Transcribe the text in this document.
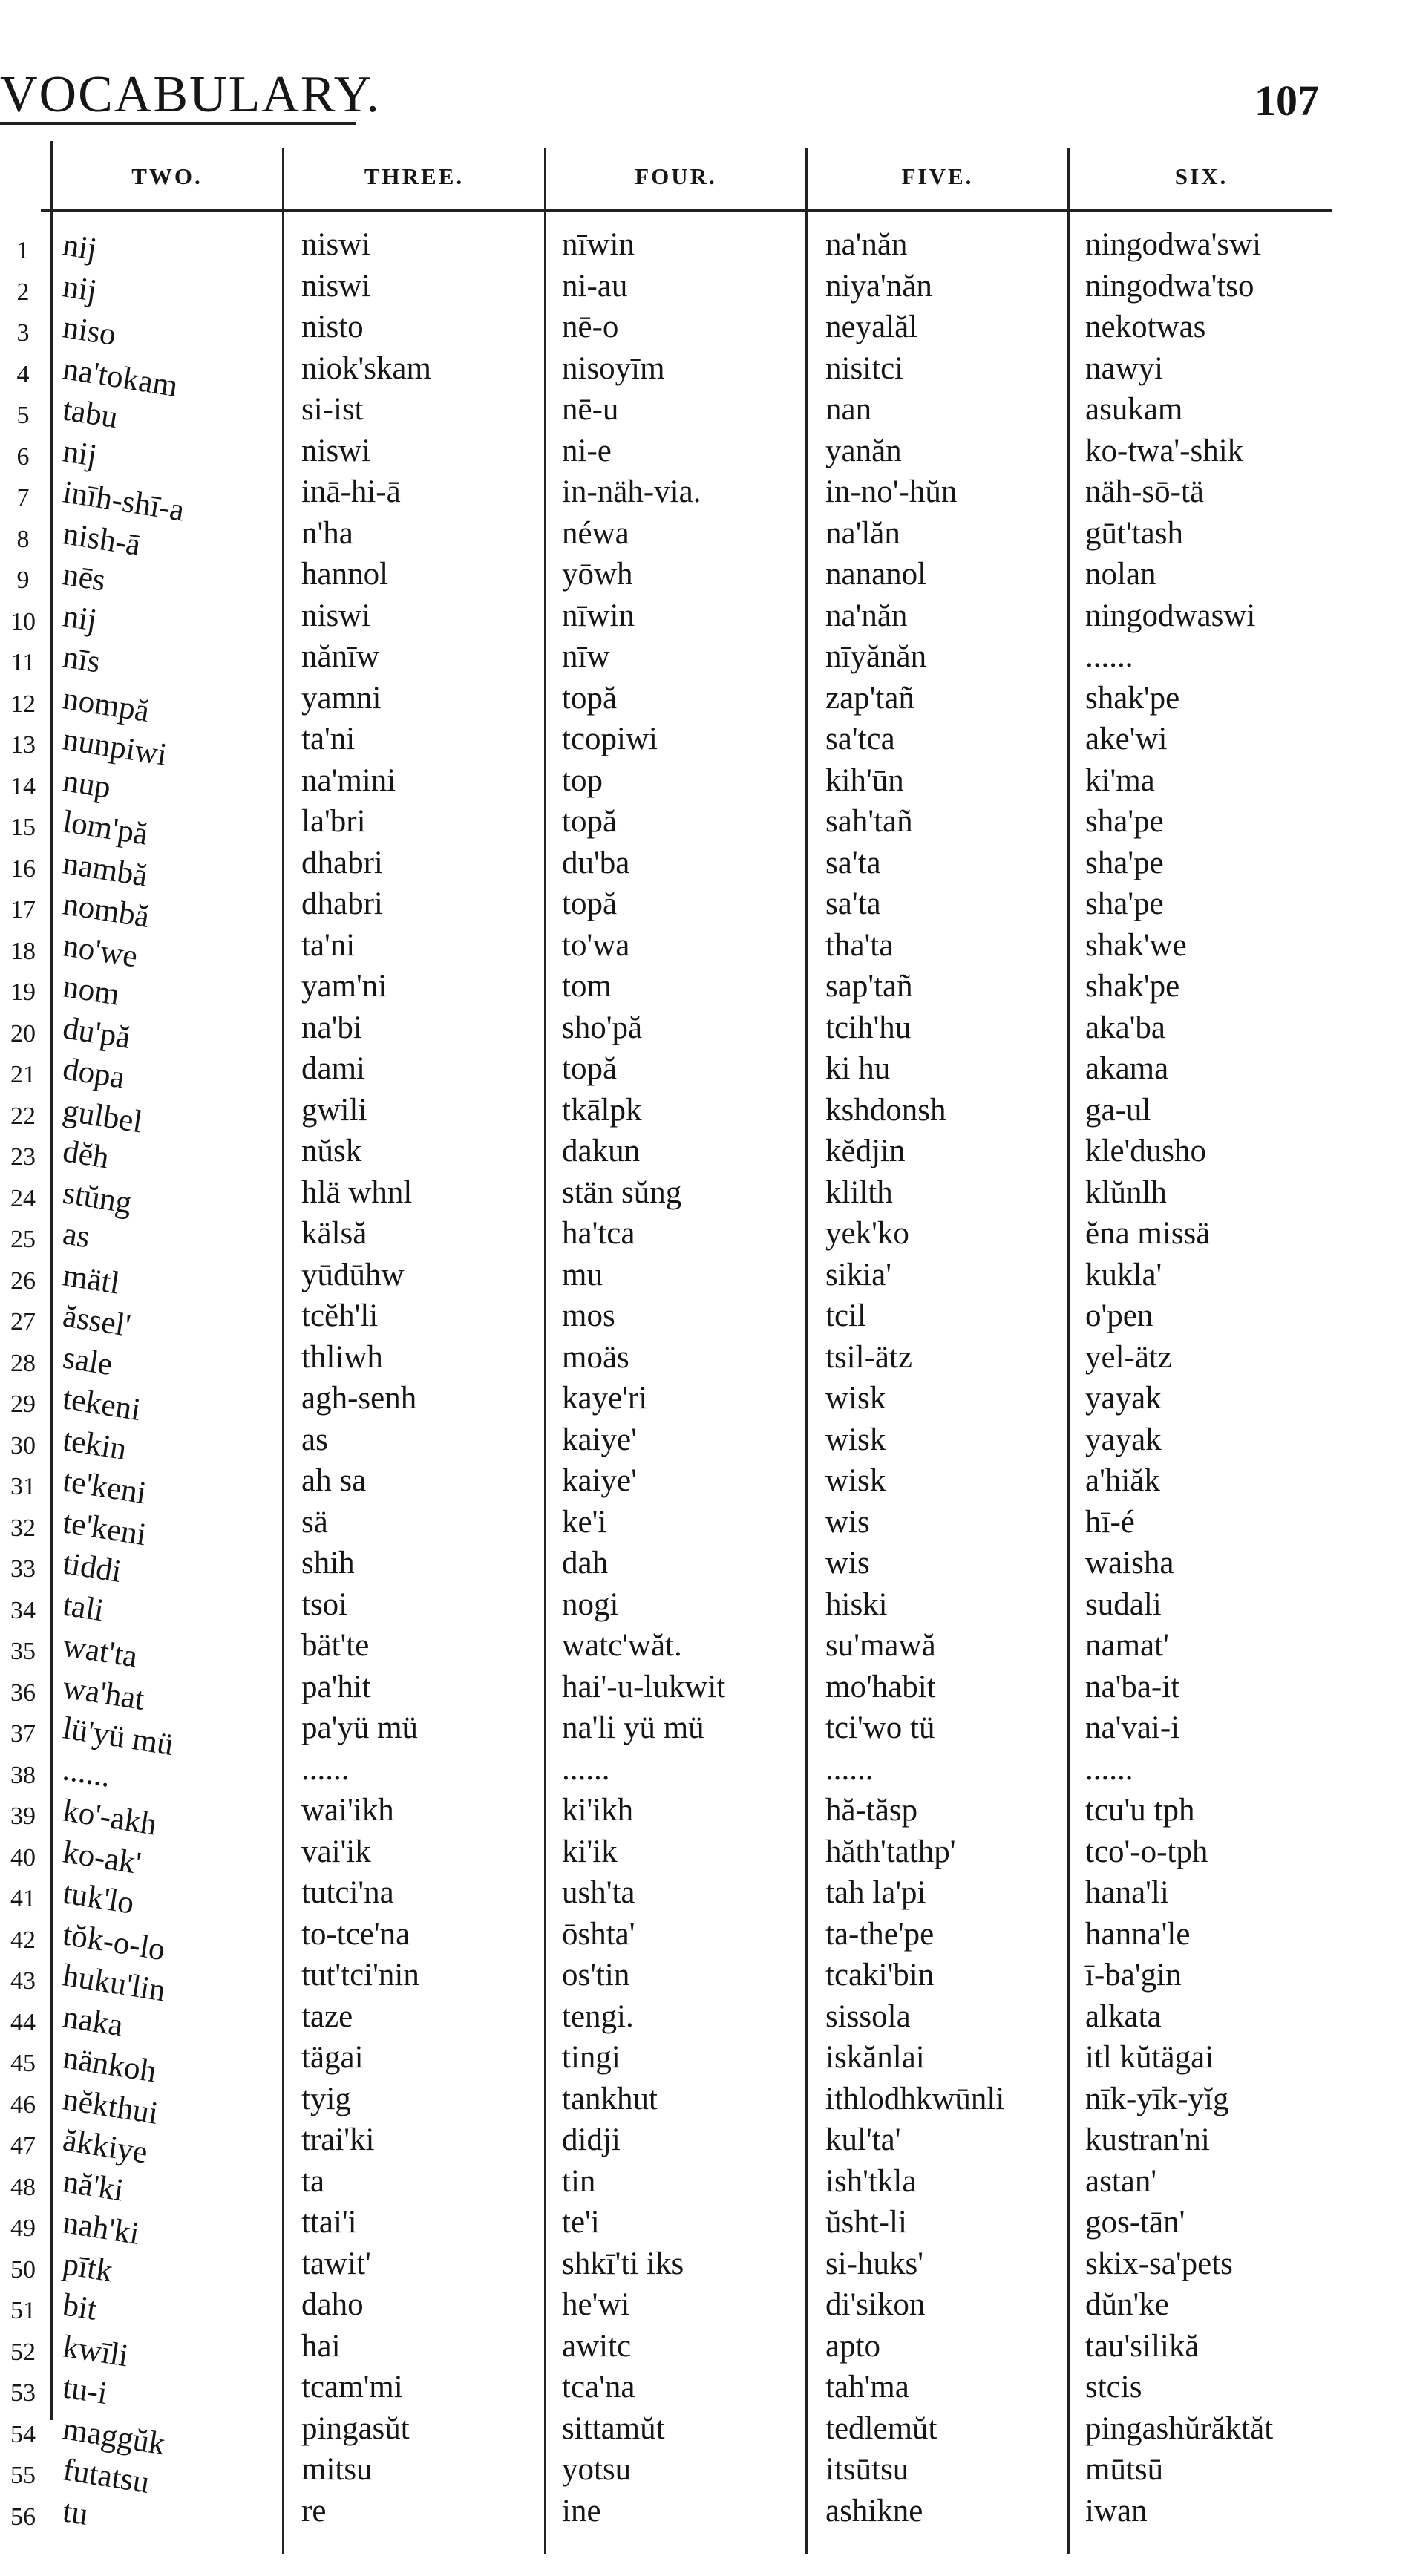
VOCABULARY.	107
TWO.	THREE.	FOUR.	FIVE.	SIX.
1 nij	niswi	nīwin	na'năn	ningodwa'swi
2 nij	niswi	ni-au	niya'năn	ningodwa'tso
3 niso	nisto	nē-o	neyalăl	nekotwas
4 na'tokam	niok'skam	nisoyīm	nisitci	nawyi
5 tabu	si-ist	nē-u	nan	asukam
6 nij	niswi	ni-e	yanăn	ko-twa'-shik
7 inīh-shī-a	inā-hi-ā	in-näh-via.	in-no'-hŭn	näh-sō-tä
8 nish-ā	n'ha	néwa	na'lăn	gūt'tash
9 nēs	hannol	yōwh	nananol	nolan
10 nij	niswi	nīwin	na'năn	ningodwaswi
11 nīs	nănīw	nīw	nīyănăn	......
12 nompă	yamni	topă	zap'tañ	shak'pe
13 nunpiwi	ta'ni	tcopiwi	sa'tca	ake'wi
14 nup	na'mini	top	kih'ūn	ki'ma
15 lom'pă	la'bri	topă	sah'tañ	sha'pe
16 nambă	dhabri	du'ba	sa'ta	sha'pe
17 nombă	dhabri	topă	sa'ta	sha'pe
18 no'we	ta'ni	to'wa	tha'ta	shak'we
19 nom	yam'ni	tom	sap'tañ	shak'pe
20 du'pă	na'bi	sho'pă	tcih'hu	aka'ba
21 dopa	dami	topă	ki hu	akama
22 gulbel	gwili	tkālpk	kshdonsh	ga-ul
23 dĕh	nŭsk	dakun	kĕdjin	kle'dusho
24 stŭng	hlä whnl	stän sŭng	klilth	klŭnlh
25 as	kälsă	ha'tca	yek'ko	ĕna missä
26 mätl	yūdūhw	mu	sikia'	kukla'
27 ăssel'	tcĕh'li	mos	tcil	o'pen
28 sale	thliwh	moäs	tsil-ätz	yel-ätz
29 tekeni	agh-senh	kaye'ri	wisk	yayak
30 tekin	as	kaiye'	wisk	yayak
31 te'keni	ah sa	kaiye'	wisk	a'hiăk
32 te'keni	sä	ke'i	wis	hī-é
33 tiddi	shih	dah	wis	waisha
34 tali	tsoi	nogi	hiski	sudali
35 wat'ta	bät'te	watc'wăt.	su'mawă	namat'
36 wa'hat	pa'hit	hai'-u-lukwit	mo'habit	na'ba-it
37 lü'yü mü	pa'yü mü	na'li yü mü	tci'wo tü	na'vai-i
38 ......	......	......	......	......
39 ko'-akh	wai'ikh	ki'ikh	hă-tăsp	tcu'u tph
40 ko-ak'	vai'ik	ki'ik	hăth'tathp'	tco'-o-tph
41 tuk'lo	tutci'na	ush'ta	tah la'pi	hana'li
42 tŏk-o-lo	to-tce'na	ōshta'	ta-the'pe	hanna'le
43 huku'lin	tut'tci'nin	os'tin	tcaki'bin	ī-ba'gin
44 naka	taze	tengi.	sissola	alkata
45 nänkoh	tägai	tingi	iskănlai	itl kŭtägai
46 nĕkthui	tyig	tankhut	ithlodhkwūnli	nīk-yīk-yĭg
47 ăkkiye	trai'ki	didji	kul'ta'	kustran'ni
48 nă'ki	ta	tin	ish'tkla	astan'
49 nah'ki	ttai'i	te'i	ŭsht-li	gos-tān'
50 pītk	tawit'	shkī'ti iks	si-huks'	skix-sa'pets
51 bit	daho	he'wi	di'sikon	dŭn'ke
52 kwīli	hai	awitc	apto	tau'silikă
53 tu-i	tcam'mi	tca'na	tah'ma	stcis
54 maggŭk	pingasŭt	sittamŭt	tedlemŭt	pingashŭrăktăt
55 futatsu	mitsu	yotsu	itsūtsu	mūtsū
56 tu	re	ine	ashikne	iwan
